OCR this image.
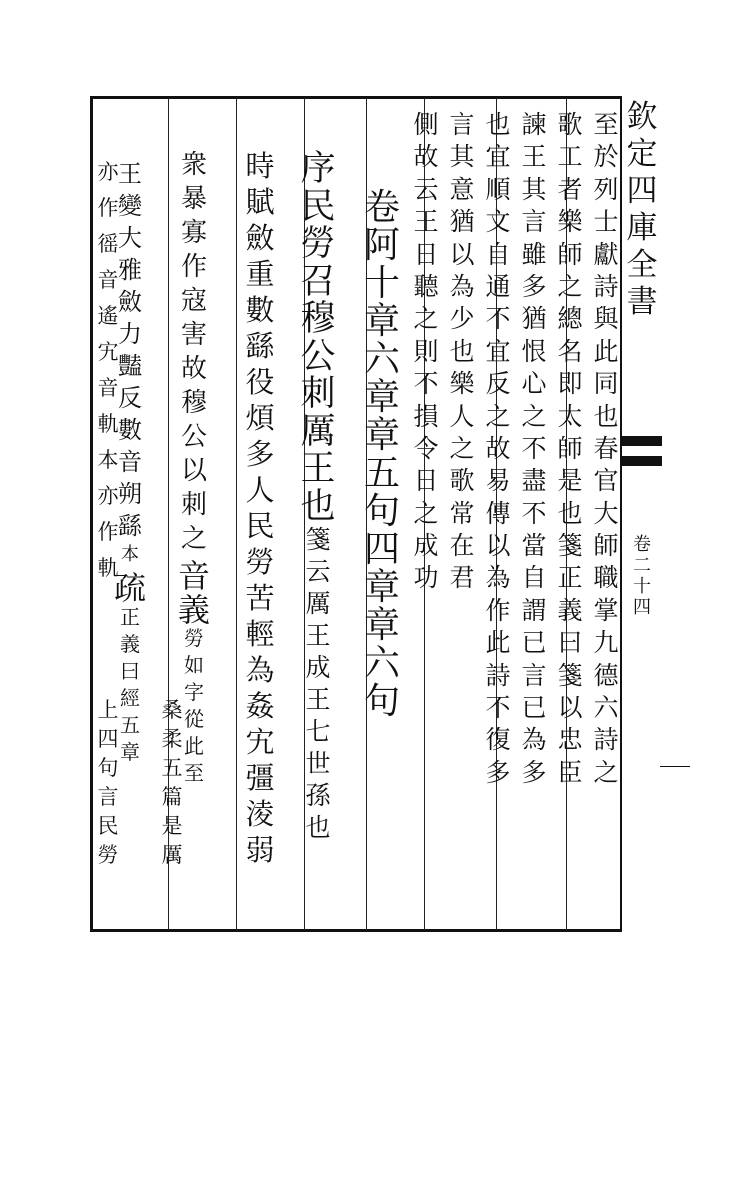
至
於
列
士
獻
詩
與
此
同
也
春
官
大
師
職
掌
九
德
六
詩
之
歌
工
者
樂
師
之
總
名
即
太
師
是
也
箋
正
義
曰
箋
以
忠
臣
諫
王
其
言
雖
多
猶
恨
心
之
不
盡
不
當
自
謂
已
言
已
為
多
也
宜
順
文
自
通
不
宜
反
之
故
易
傳
以
為
作
此
詩
不
復
多
言
其
意
猶
以
為
少
也
樂
人
之
歌
常
在
君
側
故
云
王
日
聽
之
則
不
損
令
日
之
成
功
卷
阿
十
章
六
章
章
五
句
四
章
章
六
句
序
民
勞
召
穆
公
刺
厲
王
也
箋
云
厲
王
成
王
七
世
孫
也
時
賦
斂
重
數
繇
役
煩
多
人
民
勞
苦
輕
為
姦
宄
彊
淩
弱
衆
暴
寡
作
寇
害
故
穆
公
以
刺
之
音
義
勞
如
字
從
此
至
桑
柔
五
篇
是
厲
王
變
大
雅
斂
力
豔
反
數
音
朔
繇
本
疏
正
義
曰
經
五
章
上
四
句
言
民
勞
亦
作
徭
音
遙
宄
音
軌
本
亦
作
軌
欽
定
四
庫
全
書
卷
二
十
四
